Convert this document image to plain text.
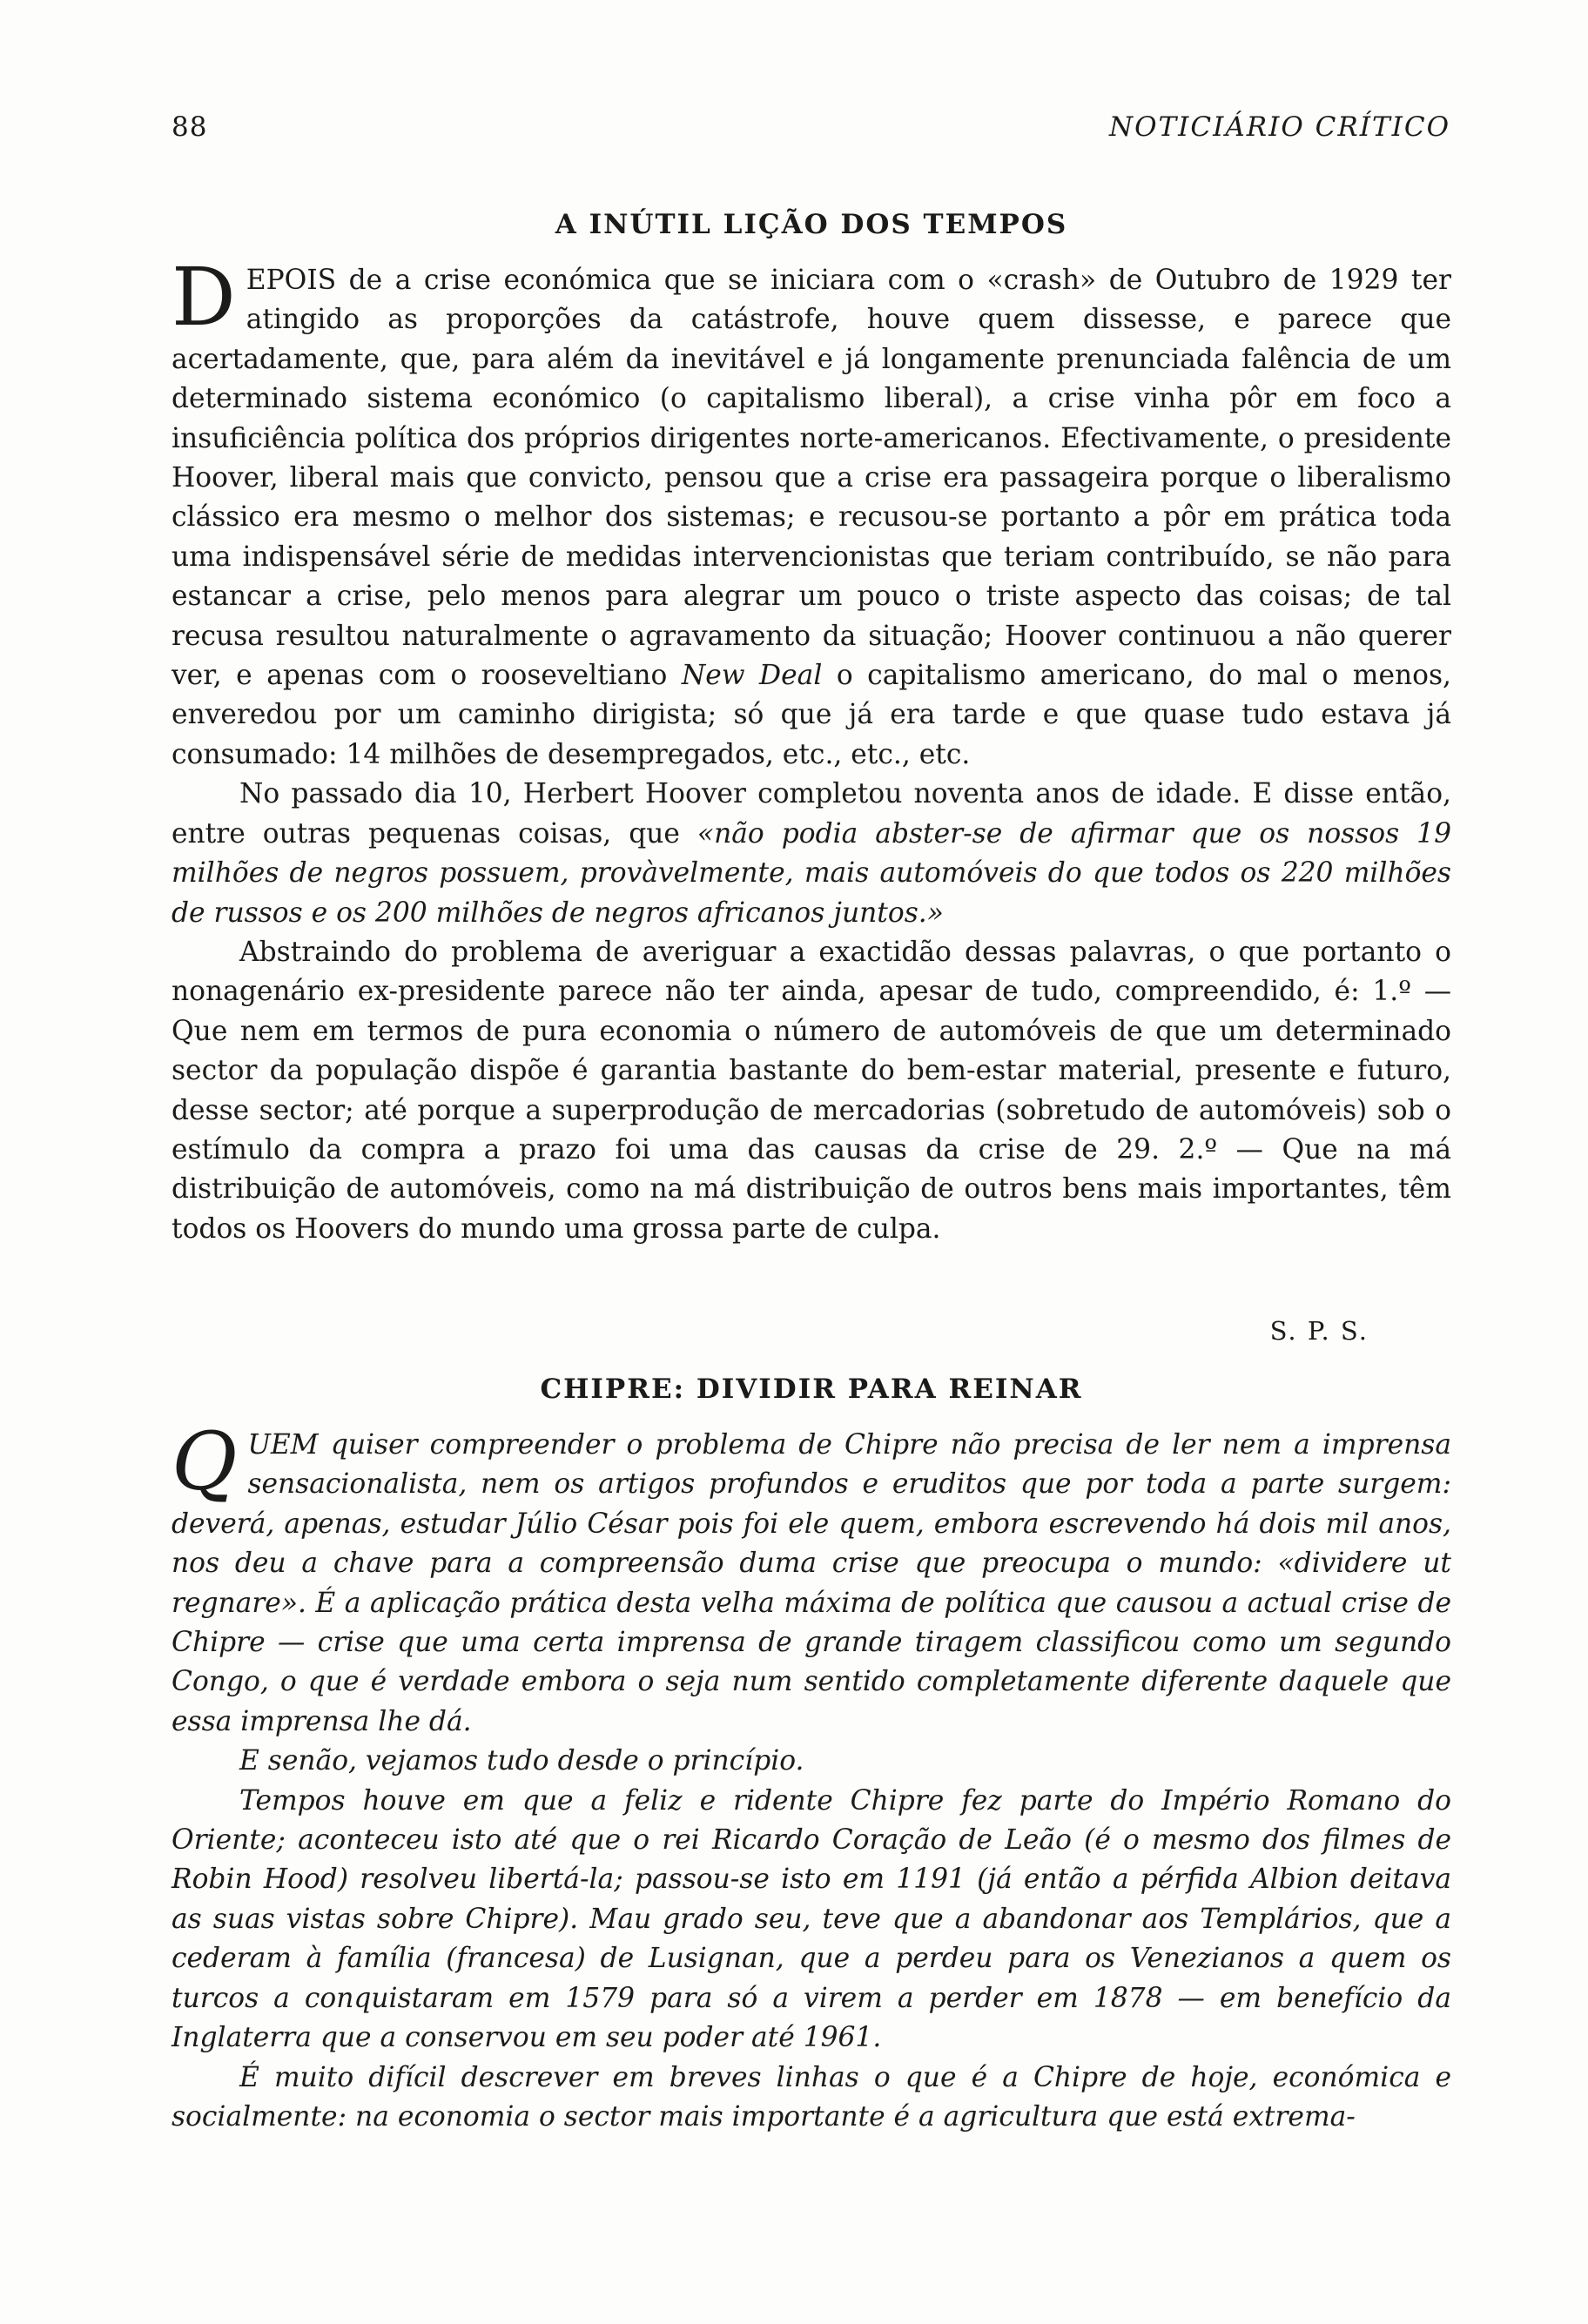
88	NOTICIÁRIO CRÍTICO
A INÚTIL LIÇÃO DOS TEMPOS

DEPOIS de a crise económica que se iniciara com o «crash» de Outubro de 1929 ter atingido as proporções da catástrofe, houve quem dissesse, e parece que acertadamente, que, para além da inevitável e já longamente prenunciada falência de um determinado sistema económico (o capitalismo liberal), a crise vinha pôr em foco a insuficiência política dos próprios dirigentes norte-americanos. Efectivamente, o presidente Hoover, liberal mais que convicto, pensou que a crise era passageira porque o liberalismo clássico era mesmo o melhor dos sistemas; e recusou-se portanto a pôr em prática toda uma indispensável série de medidas intervencionistas que teriam contribuído, se não para estancar a crise, pelo menos para alegrar um pouco o triste aspecto das coisas; de tal recusa resultou naturalmente o agravamento da situação; Hoover continuou a não querer ver, e apenas com o rooseveltiano New Deal o capitalismo americano, do mal o menos, enveredou por um caminho dirigista; só que já era tarde e que quase tudo estava já consumado: 14 milhões de desempregados, etc., etc., etc.

No passado dia 10, Herbert Hoover completou noventa anos de idade. E disse então, entre outras pequenas coisas, que «não podia abster-se de afirmar que os nossos 19 milhões de negros possuem, provàvelmente, mais automóveis do que todos os 220 milhões de russos e os 200 milhões de negros africanos juntos.»

Abstraindo do problema de averiguar a exactidão dessas palavras, o que portanto o nonagenário ex-presidente parece não ter ainda, apesar de tudo, compreendido, é: 1.º — Que nem em termos de pura economia o número de automóveis de que um determinado sector da população dispõe é garantia bastante do bem-estar material, presente e futuro, desse sector; até porque a superprodução de mercadorias (sobretudo de automóveis) sob o estímulo da compra a prazo foi uma das causas da crise de 29. 2.º — Que na má distribuição de automóveis, como na má distribuição de outros bens mais importantes, têm todos os Hoovers do mundo uma grossa parte de culpa.

S. P. S.

CHIPRE: DIVIDIR PARA REINAR

QUEM quiser compreender o problema de Chipre não precisa de ler nem a imprensa sensacionalista, nem os artigos profundos e eruditos que por toda a parte surgem: deverá, apenas, estudar Júlio César pois foi ele quem, embora escrevendo há dois mil anos, nos deu a chave para a compreensão duma crise que preocupa o mundo: «dividere ut regnare». É a aplicação prática desta velha máxima de política que causou a actual crise de Chipre — crise que uma certa imprensa de grande tiragem classificou como um segundo Congo, o que é verdade embora o seja num sentido completamente diferente daquele que essa imprensa lhe dá.

E senão, vejamos tudo desde o princípio.

Tempos houve em que a feliz e ridente Chipre fez parte do Império Romano do Oriente; aconteceu isto até que o rei Ricardo Coração de Leão (é o mesmo dos filmes de Robin Hood) resolveu libertá-la; passou-se isto em 1191 (já então a pérfida Albion deitava as suas vistas sobre Chipre). Mau grado seu, teve que a abandonar aos Templários, que a cederam à família (francesa) de Lusignan, que a perdeu para os Venezianos a quem os turcos a conquistaram em 1579 para só a virem a perder em 1878 — em benefício da Inglaterra que a conservou em seu poder até 1961.

É muito difícil descrever em breves linhas o que é a Chipre de hoje, económica e socialmente: na economia o sector mais importante é a agricultura que está extrema-
